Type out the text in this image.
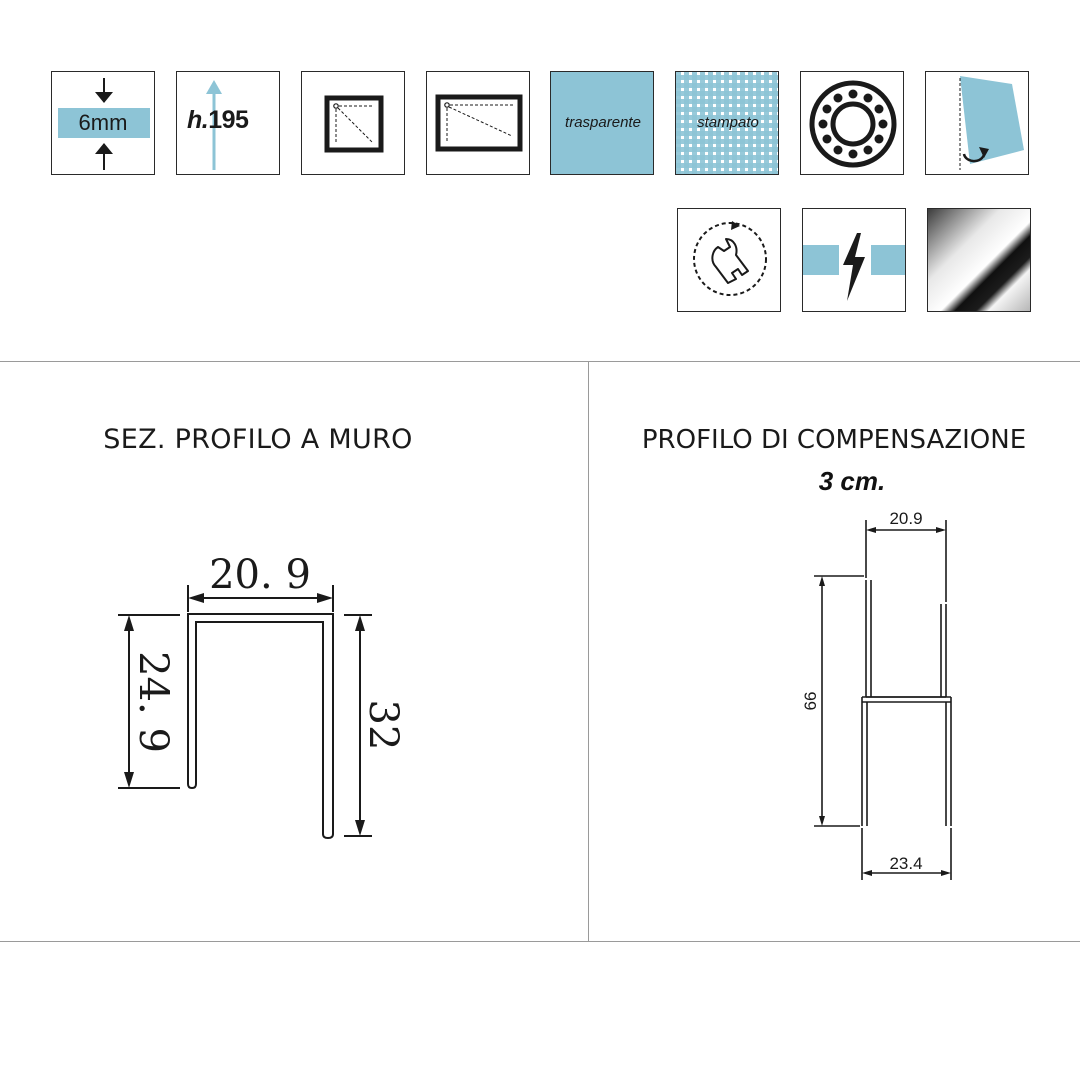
6mm	h.195	trasparente	stampato
SEZ. PROFILO A MURO
20. 9
24. 9	32
PROFILO DI COMPENSAZIONE
3 cm.
20.9
66
23.4
